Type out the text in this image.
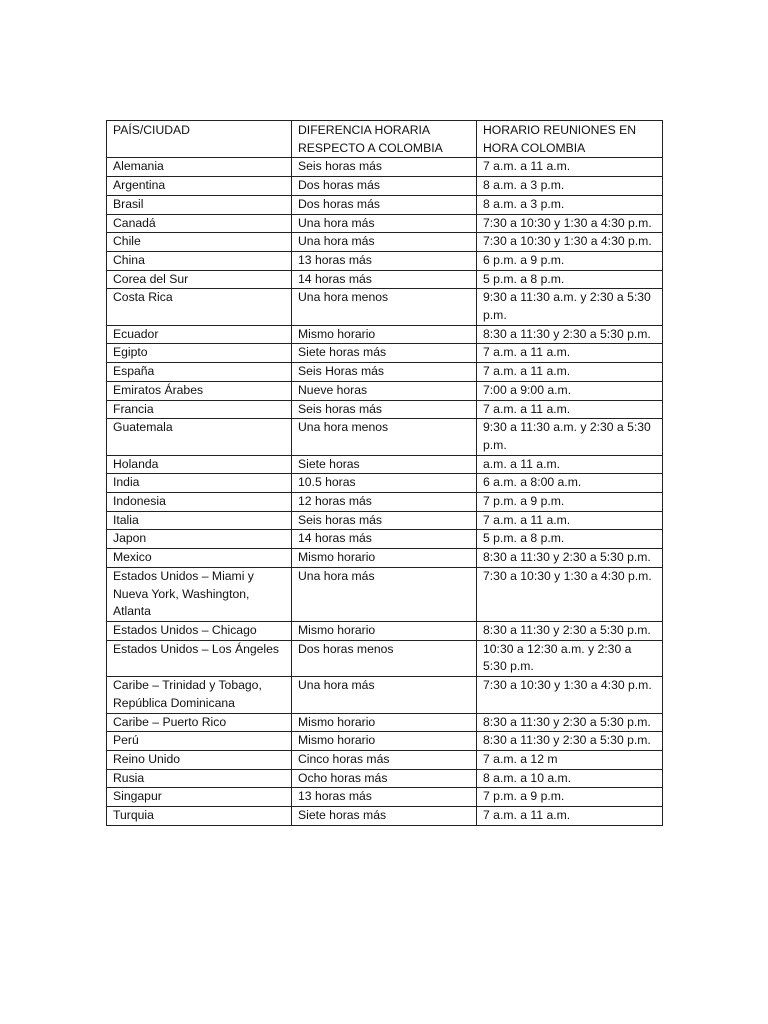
PAÍS/CIUDAD	DIFERENCIA HORARIA RESPECTO A COLOMBIA	HORARIO REUNIONES EN HORA COLOMBIA
Alemania	Seis horas más	7 a.m. a 11 a.m.
Argentina	Dos horas más	8 a.m. a 3 p.m.
Brasil	Dos horas más	8 a.m. a 3 p.m.
Canadá	Una hora más	7:30 a 10:30 y 1:30 a 4:30 p.m.
Chile	Una hora más	7:30 a 10:30 y 1:30 a 4:30 p.m.
China	13 horas más	6 p.m. a 9 p.m.
Corea del Sur	14 horas más	5 p.m. a 8 p.m.
Costa Rica	Una hora menos	9:30 a 11:30 a.m. y 2:30 a 5:30 p.m.
Ecuador	Mismo horario	8:30 a 11:30 y 2:30 a 5:30 p.m.
Egipto	Siete horas más	7 a.m. a 11 a.m.
España	Seis Horas más	7 a.m. a 11 a.m.
Emiratos Árabes	Nueve horas	7:00 a 9:00 a.m.
Francia	Seis horas más	7 a.m. a 11 a.m.
Guatemala	Una hora menos	9:30 a 11:30 a.m. y 2:30 a 5:30 p.m.
Holanda	Siete horas	a.m. a 11 a.m.
India	10.5 horas	6 a.m. a 8:00 a.m.
Indonesia	12 horas más	7 p.m. a 9 p.m.
Italia	Seis horas más	7 a.m. a 11 a.m.
Japon	14 horas más	5 p.m. a 8 p.m.
Mexico	Mismo horario	8:30 a 11:30 y 2:30 a 5:30 p.m.
Estados Unidos – Miami y Nueva York, Washington, Atlanta	Una hora más	7:30 a 10:30 y 1:30 a 4:30 p.m.
Estados Unidos – Chicago	Mismo horario	8:30 a 11:30 y 2:30 a 5:30 p.m.
Estados Unidos – Los Ángeles	Dos horas menos	10:30 a 12:30 a.m. y 2:30 a 5:30 p.m.
Caribe – Trinidad y Tobago, República Dominicana	Una hora más	7:30 a 10:30 y 1:30 a 4:30 p.m.
Caribe – Puerto Rico	Mismo horario	8:30 a 11:30 y 2:30 a 5:30 p.m.
Perú	Mismo horario	8:30 a 11:30 y 2:30 a 5:30 p.m.
Reino Unido	Cinco horas más	7 a.m. a 12 m
Rusia	Ocho horas más	8 a.m. a 10 a.m.
Singapur	13 horas más	7 p.m. a 9 p.m.
Turquia	Siete horas más	7 a.m. a 11 a.m.
